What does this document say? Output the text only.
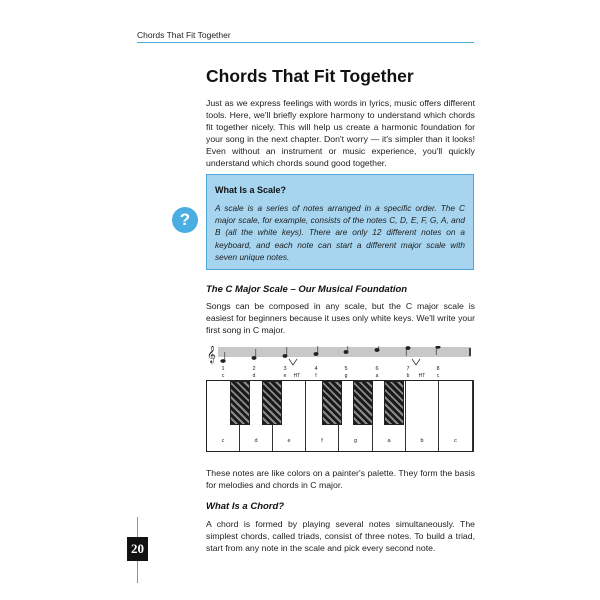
Chords That Fit Together
Chords That Fit Together

Just as we express feelings with words in lyrics, music offers different tools. Here, we'll briefly explore harmony to understand which chords fit together nicely. This will help us create a harmonic foundation for your song in the next chapter. Don't worry — it's simpler than it looks! Even without an instrument or music experience, you'll quickly understand which chords sound good together.

?
What Is a Scale?

A scale is a series of notes arranged in a specific order. The C major scale, for example, consists of the notes C, D, E, F, G, A, and B (all the white keys). There are only 12 different notes on a keyboard, and each note can start a different major scale with seven unique notes.

The C Major Scale – Our Musical Foundation

Songs can be composed in any scale, but the C major scale is easiest for beginners because it uses only white keys. We'll write your first song in C major.

𝄞
1	2	3	4	5	6	7	8
c	d	e HT	f	g	a	b HT c
c	d	e	f	g	a	b	c

These notes are like colors on a painter's palette. They form the basis for melodies and chords in C major.

What Is a Chord?

A chord is formed by playing several notes simultaneously. The simplest chords, called triads, consist of three notes. To build a triad, start from any note in the scale and pick every second note.

20
